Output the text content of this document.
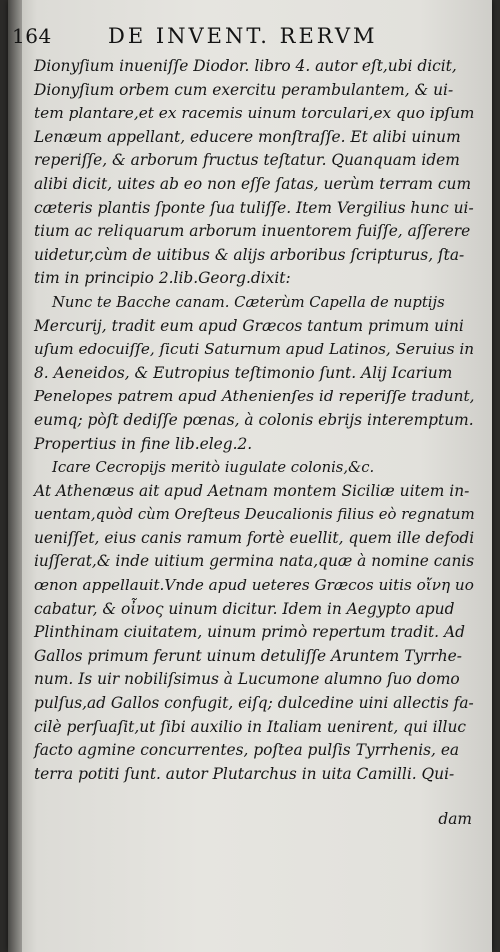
164	DE INVENT. RERVM
Dionyſium inueniſſe Diodor. libro 4. autor eſt,ubi dicit,
Dionyſium orbem cum exercitu perambulantem, & ui-
tem plantare,et ex racemis uinum torculari,ex quo ipſum
Lenæum appellant, educere monſtraſſe. Et alibi uinum
reperiſſe, & arborum fructus teſtatur. Quanquam idem
alibi dicit, uites ab eo non eſſe ſatas, uerùm terram cum
cæteris plantis ſponte ſua tuliſſe. Item Vergilius hunc ui-
tium ac reliquarum arborum inuentorem fuiſſe, aſſerere
uidetur,cùm de uitibus & alijs arboribus ſcripturus, ſta-
tim in principio 2.lib.Georg.dixit:
Nunc te Bacche canam. Cæterùm Capella de nuptijs
Mercurij, tradit eum apud Græcos tantum primum uini
uſum edocuiſſe, ſicuti Saturnum apud Latinos, Seruius in
8. Aeneidos, & Eutropius teſtimonio ſunt. Alij Icarium
Penelopes patrem apud Athenienſes id reperiſſe tradunt,
eumq; pòſt dediſſe pœnas, à colonis ebrijs interemptum.
Propertius in fine lib.eleg.2.
Icare Cecropijs meritò iugulate colonis,&c.
At Athenæus ait apud Aetnam montem Siciliæ uitem in-
uentam,quòd cùm Oreſteus Deucalionis filius eò regnatum
ueniſſet, eius canis ramum fortè euellit, quem ille defodi
iuſſerat,& inde uitium germina nata,quæ à nomine canis
œnon appellauit.Vnde apud ueteres Græcos uitis οἴνη uo
cabatur, & οἶνος uinum dicitur. Idem in Aegypto apud
Plinthinam ciuitatem, uinum primò repertum tradit. Ad
Gallos primum ferunt uinum detuliſſe Aruntem Tyrrhe-
num. Is uir nobiliſsimus à Lucumone alumno ſuo domo
pulſus,ad Gallos confugit, eiſq; dulcedine uini allectis fa-
cilè perſuaſit,ut ſibi auxilio in Italiam uenirent, qui illuc
facto agmine concurrentes, poſtea pulſis Tyrrhenis, ea
terra potiti ſunt. autor Plutarchus in uita Camilli. Qui-
dam
